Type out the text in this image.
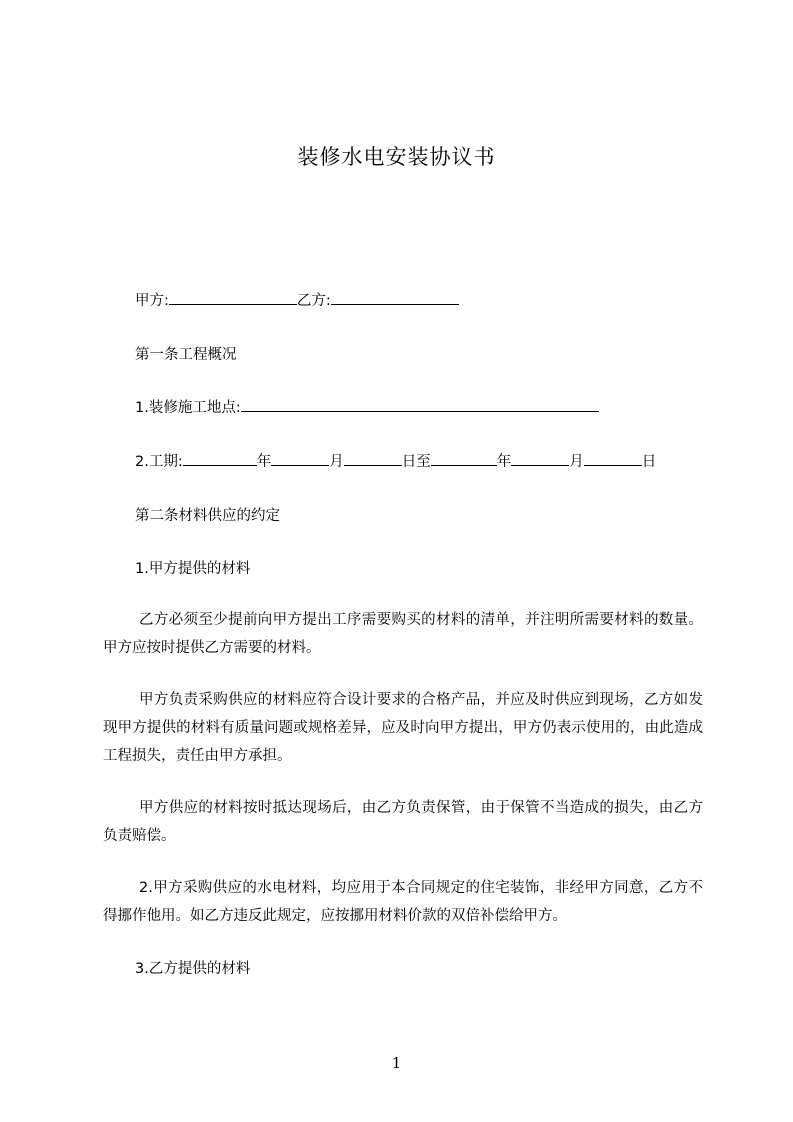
装修水电安装协议书
甲方:	乙方:
第一条工程概况
1.装修施工地点:
2.工期:	年	月	日至	年	月	日
第二条材料供应的约定
1.甲方提供的材料
乙方必须至少提前向甲方提出工序需要购买的材料的清单，并注明所需要材料的数量。甲方应按时提供乙方需要的材料。
甲方负责采购供应的材料应符合设计要求的合格产品，并应及时供应到现场，乙方如发现甲方提供的材料有质量问题或规格差异，应及时向甲方提出，甲方仍表示使用的，由此造成工程损失，责任由甲方承担。
甲方供应的材料按时抵达现场后，由乙方负责保管，由于保管不当造成的损失，由乙方负责赔偿。
2.甲方采购供应的水电材料，均应用于本合同规定的住宅装饰，非经甲方同意，乙方不得挪作他用。如乙方违反此规定，应按挪用材料价款的双倍补偿给甲方。
3.乙方提供的材料
1
